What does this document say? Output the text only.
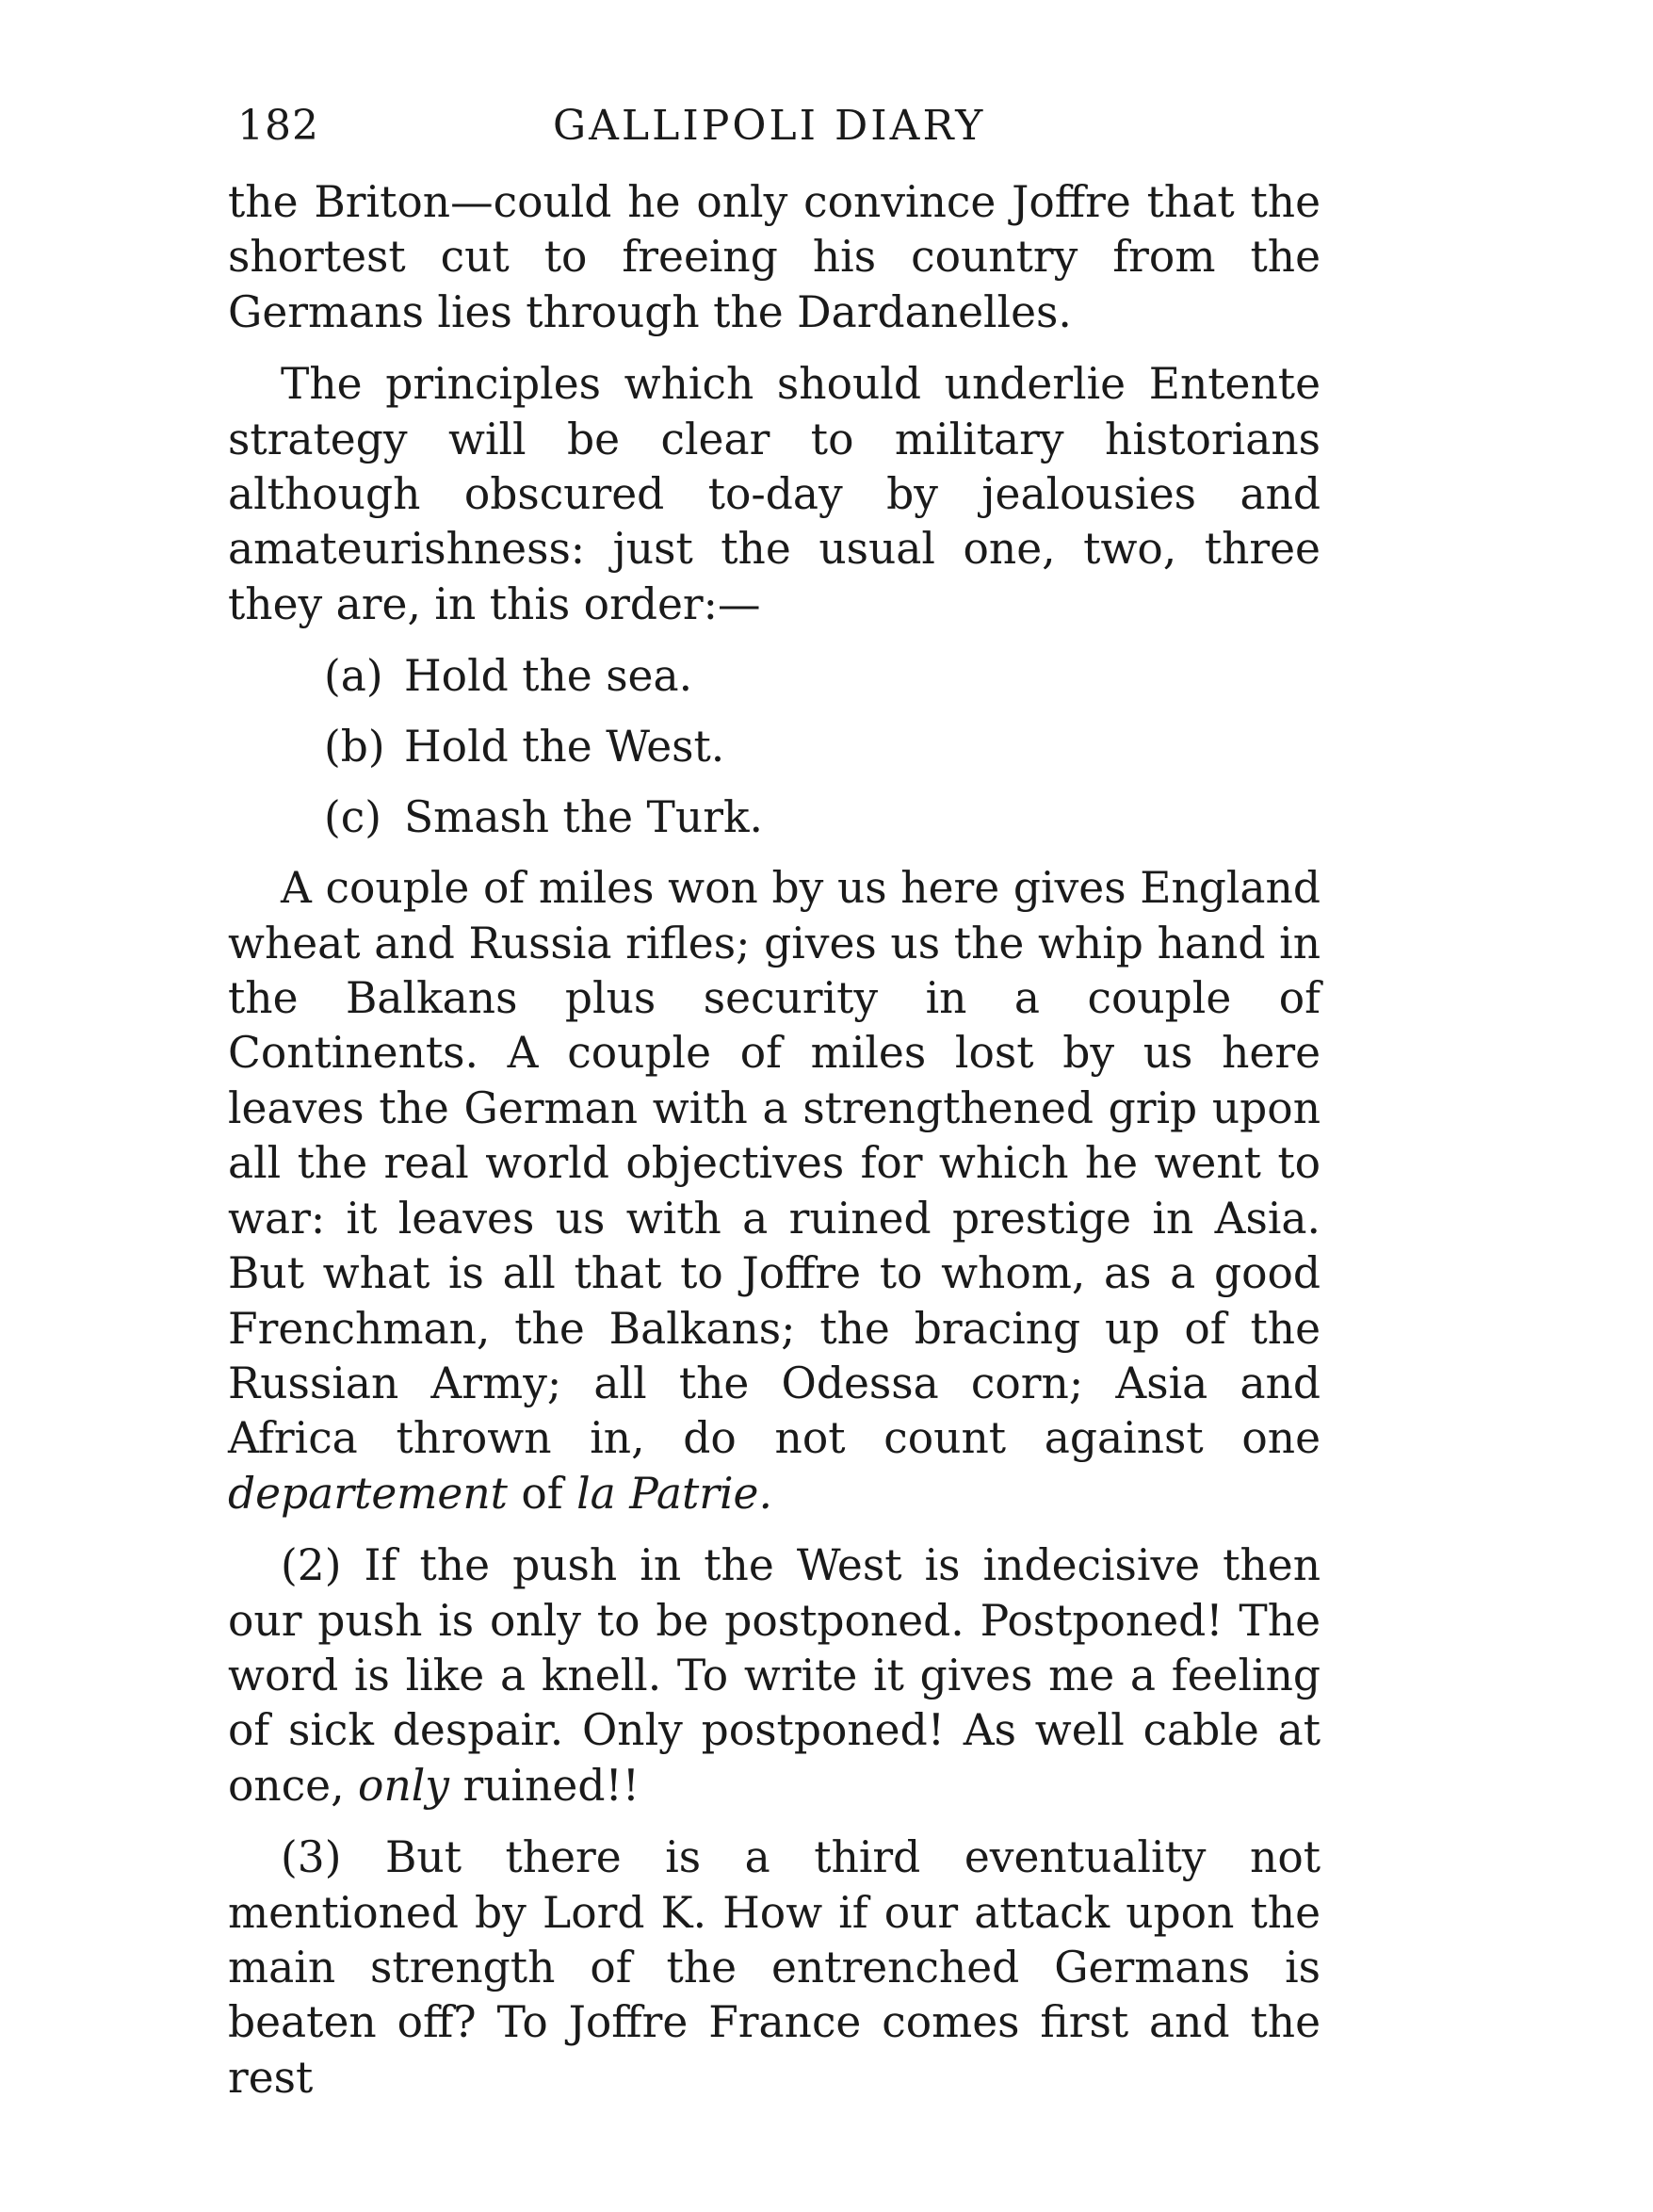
182	GALLIPOLI DIARY

the Briton—could he only convince Joffre that the shortest cut to freeing his country from the Germans lies through the Dardanelles.

The principles which should underlie Entente strategy will be clear to military historians although obscured to-day by jealousies and amateurishness: just the usual one, two, three they are, in this order:—

(a) Hold the sea.
(b) Hold the West.
(c) Smash the Turk.

A couple of miles won by us here gives England wheat and Russia rifles; gives us the whip hand in the Balkans plus security in a couple of Continents. A couple of miles lost by us here leaves the German with a strengthened grip upon all the real world objectives for which he went to war: it leaves us with a ruined prestige in Asia. But what is all that to Joffre to whom, as a good Frenchman, the Balkans; the bracing up of the Russian Army; all the Odessa corn; Asia and Africa thrown in, do not count against one departement of la Patrie.

(2) If the push in the West is indecisive then our push is only to be postponed. Postponed! The word is like a knell. To write it gives me a feeling of sick despair. Only postponed! As well cable at once, only ruined!!

(3) But there is a third eventuality not mentioned by Lord K. How if our attack upon the main strength of the entrenched Germans is beaten off? To Joffre France comes first and the rest
